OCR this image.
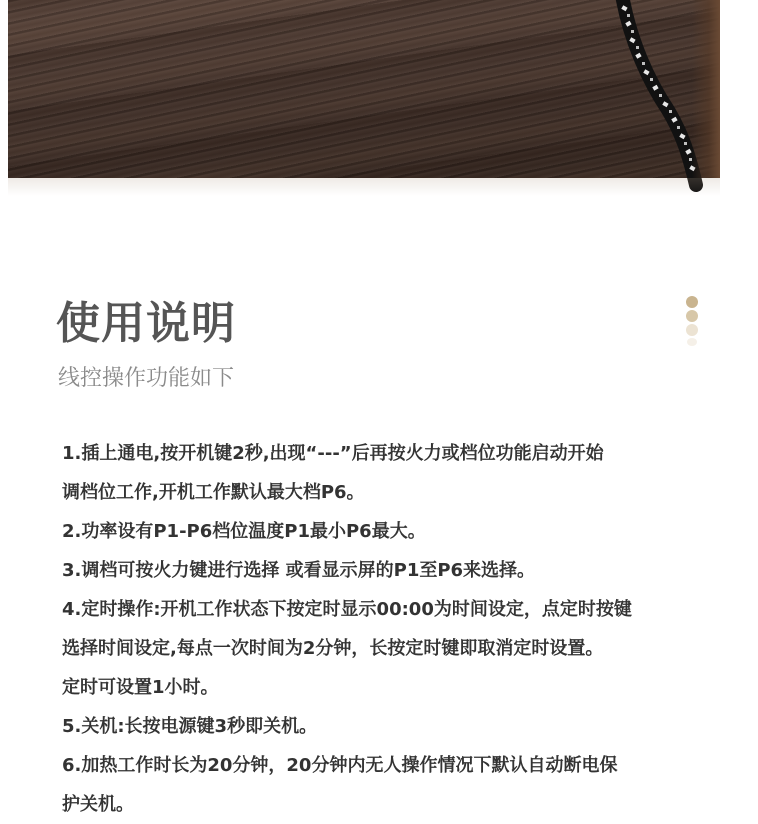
使用说明

线控操作功能如下

1.插上通电,按开机键2秒,出现“---”后再按火力或档位功能启动开始
调档位工作,开机工作默认最大档P6。
2.功率设有P1-P6档位温度P1最小P6最大。
3.调档可按火力键进行选择 或看显示屏的P1至P6来选择。
4.定时操作:开机工作状态下按定时显示00:00为时间设定，点定时按键
选择时间设定,每点一次时间为2分钟，长按定时键即取消定时设置。
定时可设置1小时。
5.关机:长按电源键3秒即关机。
6.加热工作时长为20分钟，20分钟内无人操作情况下默认自动断电保
护关机。
